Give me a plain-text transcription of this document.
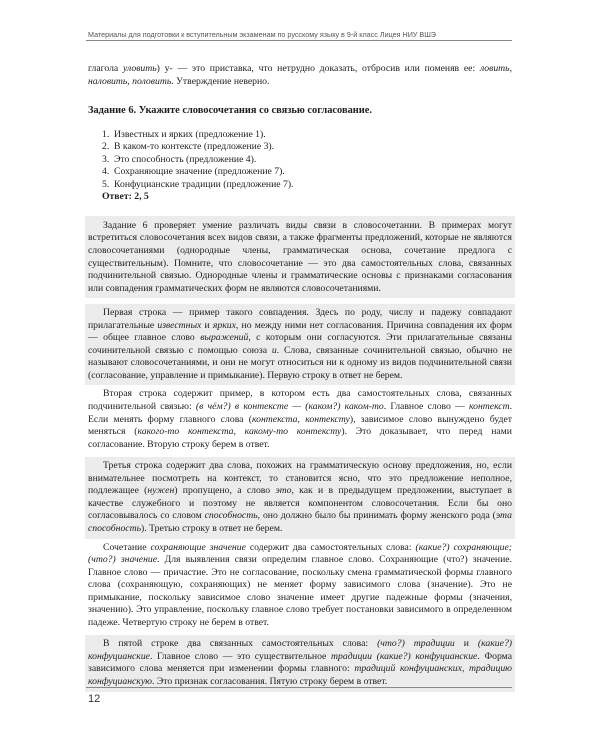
Материалы для подготовки к вступительным экзаменам по русскому языку в 9-й класс Лицея НИУ ВШЭ

глагола уловить) у- — это приставка, что нетрудно доказать, отбросив или поменяв ее: ловить, наловить, половить. Утверждение неверно.

Задание 6. Укажите словосочетания со связью согласование.

1. Известных и ярких (предложение 1).
2. В каком-то контексте (предложение 3).
3. Это способность (предложение 4).
4. Сохраняющие значение (предложение 7).
5. Конфуцианские традиции (предложение 7).

Ответ: 2, 5

Задание 6 проверяет умение различать виды связи в словосочетании. В примерах могут встретиться словосочетания всех видов связи, а также фрагменты предложений, которые не являются словосочетаниями (однородные члены, грамматическая основа, сочетание предлога с существительным). Помните, что словосочетание — это два самостоятельных слова, связанных подчинительной связью. Однородные члены и грамматические основы с признаками согласования или совпадения грамматических форм не являются словосочетаниями.

Первая строка — пример такого совпадения. Здесь по роду, числу и падежу совпадают прилагательные известных и ярких, но между ними нет согласования. Причина совпадения их форм — общее главное слово выражений, с которым они согласуются. Эти прилагательные связаны сочинительной связью с помощью союза и. Слова, связанные сочинительной связью, обычно не называют словосочетаниями, и они не могут относиться ни к одному из видов подчинительной связи (согласование, управление и примыкание). Первую строку в ответ не берем.

Вторая строка содержит пример, в котором есть два самостоятельных слова, связанных подчинительной связью: (в чём?) в контексте — (каком?) каком-то. Главное слово — контекст. Если менять форму главного слова (контекста, контексту), зависимое слово вынуждено будет меняться (какого-то контекста, какому-то контексту). Это доказывает, что перед нами согласование. Вторую строку берем в ответ.

Третья строка содержит два слова, похожих на грамматическую основу предложения, но, если внимательнее посмотреть на контекст, то становится ясно, что это предложение неполное, подлежащее (нужен) пропущено, а слово это, как и в предыдущем предложении, выступает в качестве служебного и поэтому не является компонентом словосочетания. Если бы оно согласовывалось со словом способность, оно должно было бы принимать форму женского рода (эта способность). Третью строку в ответ не берем.

Сочетание сохраняющие значение содержит два самостоятельных слова: (какие?) сохраняющие; (что?) значение. Для выявления связи определим главное слово. Сохраняющие (что?) значение. Главное слово — причастие. Это не согласование, поскольку смена грамматической формы главного слова (сохраняющую, сохраняющих) не меняет форму зависимого слова (значение). Это не примыкание, поскольку зависимое слово значение имеет другие падежные формы (значения, значению). Это управление, поскольку главное слово требует постановки зависимого в определенном падеже. Четвертую строку не берем в ответ.

В пятой строке два связанных самостоятельных слова: (что?) традиции и (какие?) конфуцианские. Главное слово — это существительное традиции (какие?) конфуцианские. Форма зависимого слова меняется при изменении формы главного: традиций конфуцианских, традицию конфуцианскую. Это признак согласования. Пятую строку берем в ответ.

12
